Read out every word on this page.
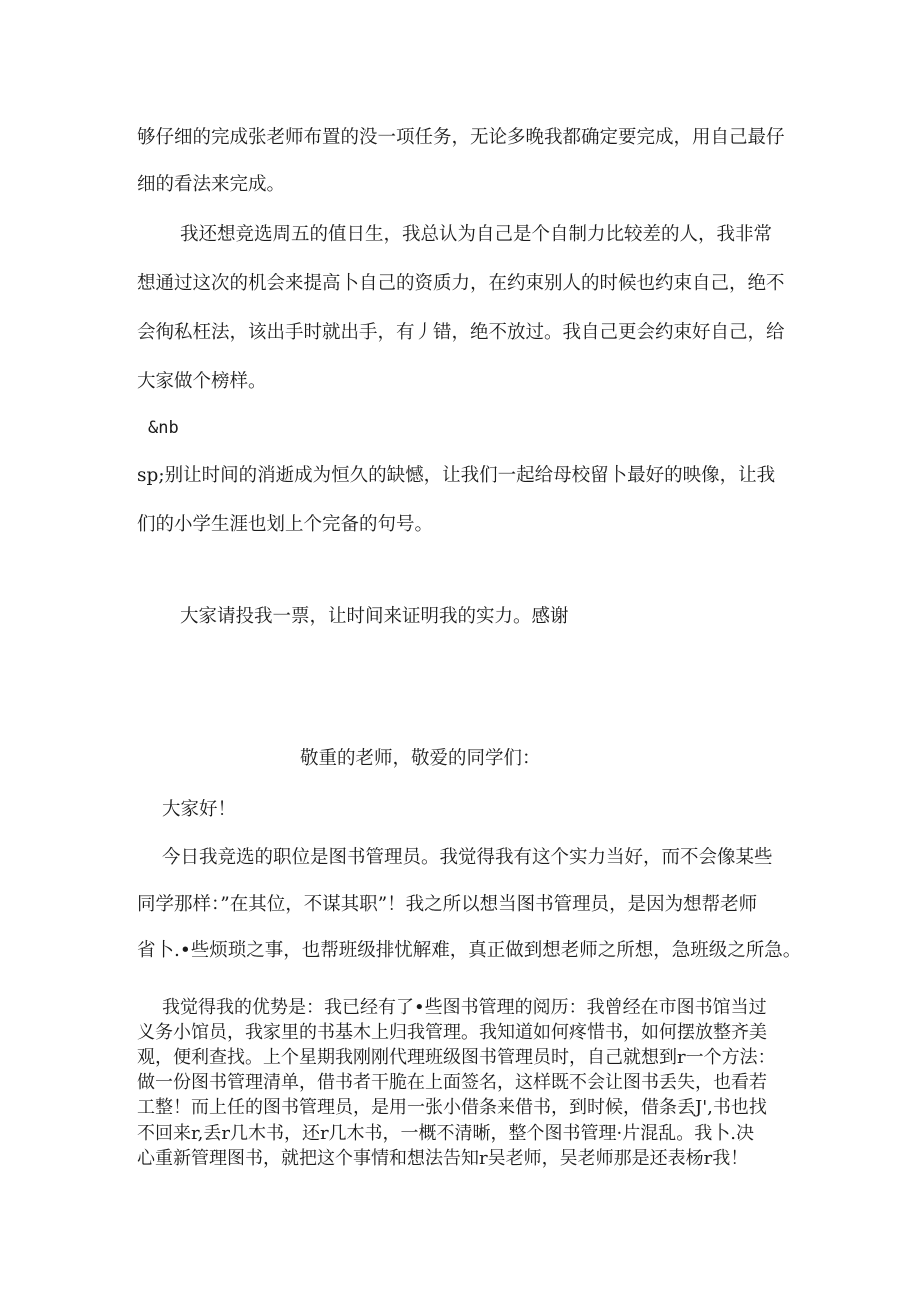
够仔细的完成张老师布置的没一项任务，无论多晚我都确定要完成，用自己最仔
细的看法来完成。
我还想竞选周五的值日生，我总认为自己是个自制力比较差的人，我非常
想通过这次的机会来提高卜自己的资质力，在约束别人的时候也约束自己，绝不
会徇私枉法，该出手时就出手，有丿错，绝不放过。我自己更会约束好自己，给
大家做个榜样。
&nb
sp;别让时间的消逝成为恒久的缺憾，让我们一起给母校留卜最好的映像，让我
们的小学生涯也划上个完备的句号。
大家请投我一票，让时间来证明我的实力。感谢
敬重的老师，敬爱的同学们：
大家好！
今日我竞选的职位是图书管理员。我觉得我有这个实力当好，而不会像某些
同学那样：”在其位，不谋其职”！我之所以想当图书管理员，是因为想帮老师
省卜.•些烦琐之事，也帮班级排忧解难，真正做到想老师之所想，急班级之所急。
我觉得我的优势是：我已经有了•些图书管理的阅历：我曾经在市图书馆当过
义务小馆员，我家里的书基木上归我管理。我知道如何疼惜书，如何摆放整齐美
观，便利查找。上个星期我刚刚代理班级图书管理员时，自己就想到r一个方法：
做一份图书管理清单，借书者干脆在上面签名，这样既不会让图书丢失，也看若
工整！而上任的图书管理员，是用一张小借条来借书，到时候，借条丢J',书也找
不回来r,丢r几木书，还r几木书，一概不清晰，整个图书管理·片混乱。我卜.决
心重新管理图书，就把这个事情和想法告知r吴老师，吴老师那是还表杨r我！
